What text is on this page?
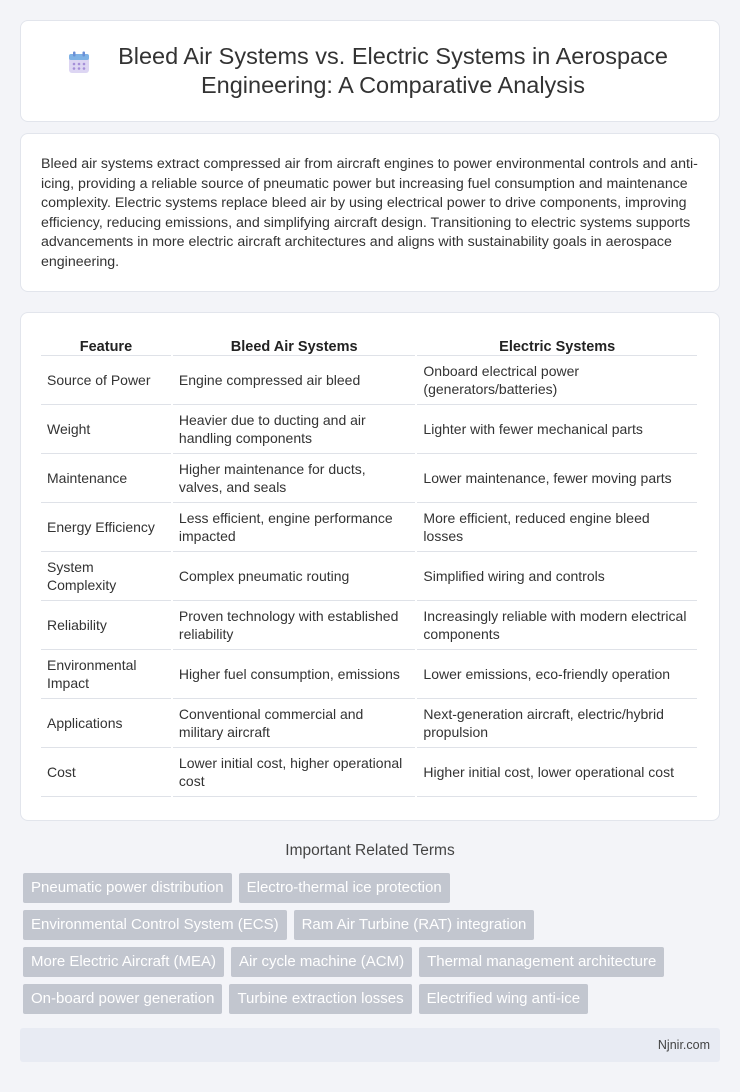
Bleed Air Systems vs. Electric Systems in Aerospace Engineering: A Comparative Analysis

Bleed air systems extract compressed air from aircraft engines to power environmental controls and anti-icing, providing a reliable source of pneumatic power but increasing fuel consumption and maintenance complexity. Electric systems replace bleed air by using electrical power to drive components, improving efficiency, reducing emissions, and simplifying aircraft design. Transitioning to electric systems supports advancements in more electric aircraft architectures and aligns with sustainability goals in aerospace engineering.

Feature	Bleed Air Systems	Electric Systems
Source of Power	Engine compressed air bleed	Onboard electrical power (generators/batteries)
Weight	Heavier due to ducting and air handling components	Lighter with fewer mechanical parts
Maintenance	Higher maintenance for ducts, valves, and seals	Lower maintenance, fewer moving parts
Energy Efficiency	Less efficient, engine performance impacted	More efficient, reduced engine bleed losses
System Complexity	Complex pneumatic routing	Simplified wiring and controls
Reliability	Proven technology with established reliability	Increasingly reliable with modern electrical components
Environmental Impact	Higher fuel consumption, emissions	Lower emissions, eco-friendly operation
Applications	Conventional commercial and military aircraft	Next-generation aircraft, electric/hybrid propulsion
Cost	Lower initial cost, higher operational cost	Higher initial cost, lower operational cost
Important Related Terms
Pneumatic power distribution	Electro-thermal ice protection
Environmental Control System (ECS)	Ram Air Turbine (RAT) integration
More Electric Aircraft (MEA)	Air cycle machine (ACM)	Thermal management architecture
On-board power generation	Turbine extraction losses	Electrified wing anti-ice
Njnir.com
